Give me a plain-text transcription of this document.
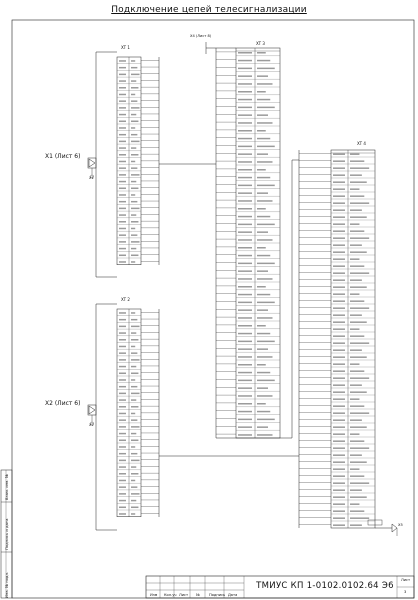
Подключение цепей телесигнализации
X1 (Лист 6)
X2 (Лист 6)
X4 (Лист 8)
X5
X1
X2
XT 1
XT 2
XT 3
XT 4
ТМИУС КП 1-0102.0102.64 Э6
Лист
3
Инв. № подл.
Подпись и дата
Взам. инв. №
Изм Кол.уч Лист №	Подпись Дата
